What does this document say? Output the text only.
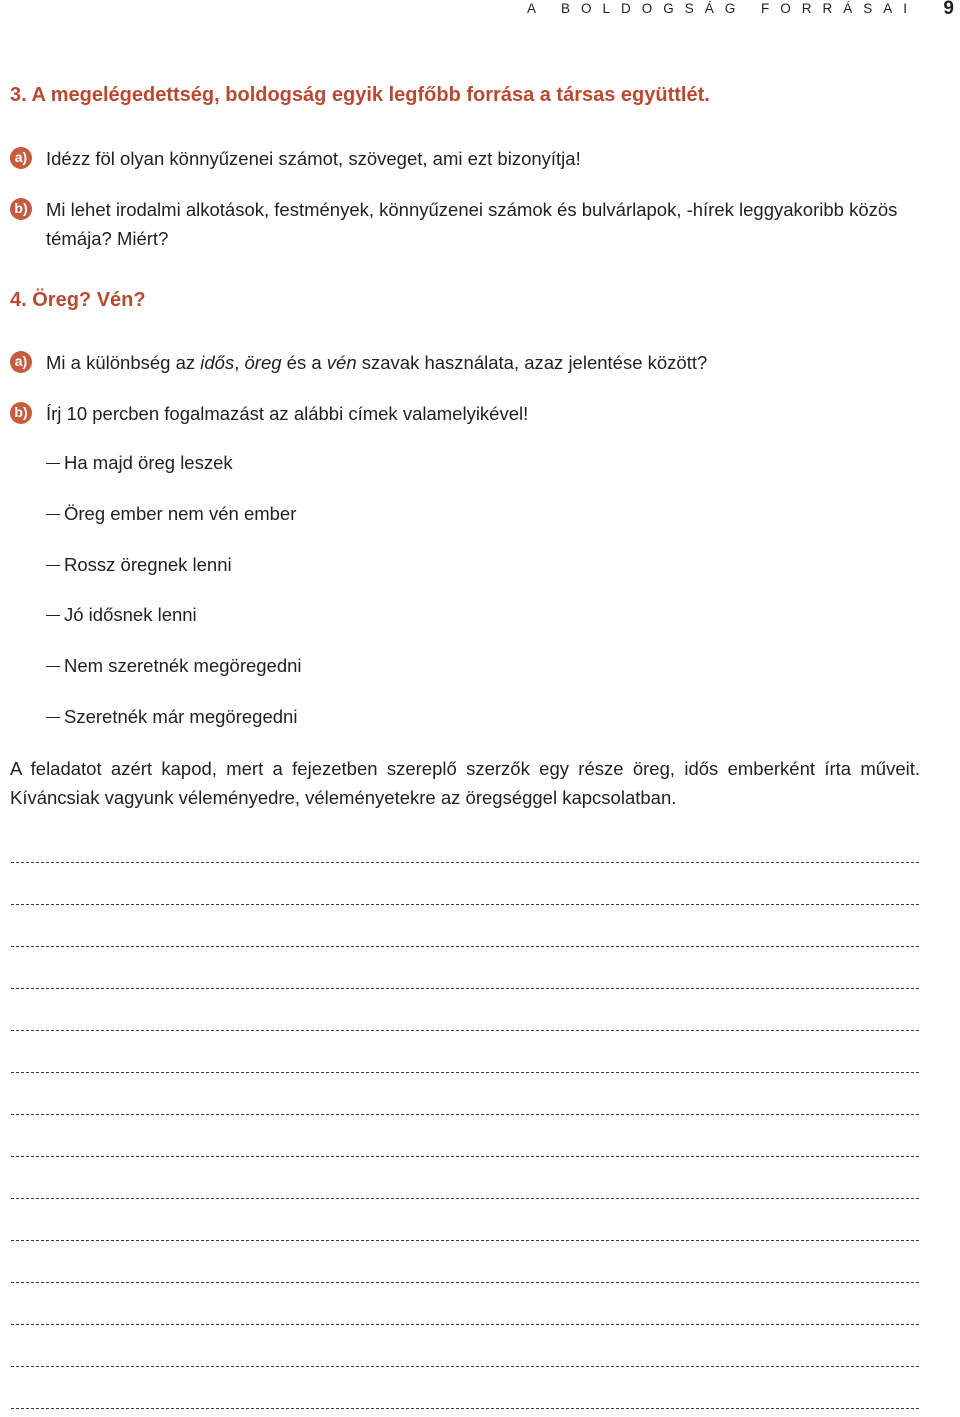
A BOLDOGSÁG FORRÁSAI 9
3. A megelégedettség, boldogság egyik legfőbb forrása a társas együttlét.
a) Idézz föl olyan könnyűzenei számot, szöveget, ami ezt bizonyítja!
b) Mi lehet irodalmi alkotások, festmények, könnyűzenei számok és bulvárlapok, -hírek leggyakoribb közös témája? Miért?
4. Öreg? Vén?
a) Mi a különbség az idős, öreg és a vén szavak használata, azaz jelentése között?
b) Írj 10 percben fogalmazást az alábbi címek valamelyikével!
Ha majd öreg leszek
Öreg ember nem vén ember
Rossz öregnek lenni
Jó idősnek lenni
Nem szeretnék megöregedni
Szeretnék már megöregedni
A feladatot azért kapod, mert a fejezetben szereplő szerzők egy része öreg, idős emberként írta műveit. Kíváncsiak vagyunk véleményedre, véleményetekre az öregséggel kapcsolatban.
